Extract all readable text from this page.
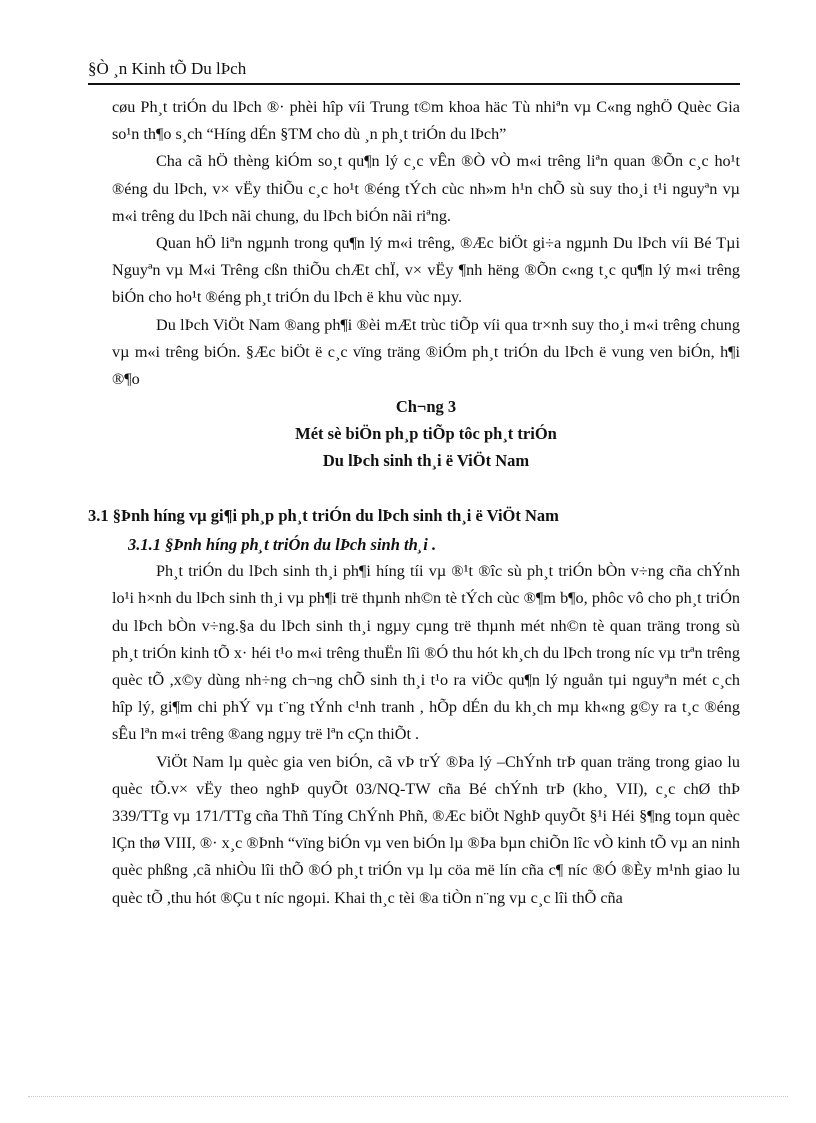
§Ò ¸n Kinh tÕ Du lÞch

cøu Ph¸t triÓn du lÞch ®· phèi hîp víi Trung t©m khoa häc Tù nhiªn vµ C«ng nghÖ Quèc Gia so¹n th¶o s¸ch “Híng dÉn §TM cho dù ¸n ph¸t triÓn du lÞch”

Cha cã hÖ thèng kiÓm so¸t qu¶n lý c¸c vÊn ®Ò vÒ m«i trêng liªn quan ®Õn c¸c ho¹t ®éng du lÞch, v× vËy thiÕu c¸c ho¹t ®éng tÝch cùc nh»m h¹n chÕ sù suy tho¸i t¹i nguyªn vµ m«i trêng du lÞch nãi chung, du lÞch biÓn nãi riªng.

Quan hÖ liªn ngµnh trong qu¶n lý m«i trêng, ®Æc biÖt gi÷a ngµnh Du lÞch víi Bé Tµi Nguyªn vµ M«i Trêng cßn thiÕu chÆt chÏ, v× vËy ¶nh hëng ®Õn c«ng t¸c qu¶n lý m«i trêng biÓn cho ho¹t ®éng ph¸t triÓn du lÞch ë khu vùc nµy.

Du lÞch ViÖt Nam ®ang ph¶i ®èi mÆt trùc tiÕp víi qua tr×nh suy tho¸i m«i trêng chung vµ m«i trêng biÓn. §Æc biÖt ë c¸c vïng träng ®iÓm ph¸t triÓn du lÞch ë vung ven biÓn, h¶i ®¶o

Ch¬ng 3

Mét sè biÖn ph¸p tiÕp tôc ph¸t triÓn

Du lÞch sinh th¸i ë ViÖt Nam

3.1 §Þnh híng vµ gi¶i ph¸p ph¸t triÓn du lÞch sinh th¸i ë ViÖt Nam

3.1.1 §Þnh híng ph¸t triÓn du lÞch sinh th¸i .

Ph¸t triÓn du lÞch sinh th¸i ph¶i híng tíi vµ ®¹t ®îc sù ph¸t triÓn bÒn v÷ng cña chÝnh lo¹i h×nh du lÞch sinh th¸i vµ ph¶i trë thµnh nh©n tè tÝch cùc ®¶m b¶o, phôc vô cho ph¸t triÓn du lÞch bÒn v÷ng.§a du lÞch sinh th¸i ngµy cµng trë thµnh mét nh©n tè quan träng trong sù ph¸t triÓn kinh tÕ x· héi t¹o m«i trêng thuËn lîi ®Ó thu hót kh¸ch du lÞch trong níc vµ trªn trêng quèc tÕ ,x©y dùng nh÷ng ch¬ng chÕ sinh th¸i t¹o ra viÖc qu¶n lý nguån tµi nguyªn mét c¸ch hîp lý, gi¶m chi phÝ vµ t¨ng tÝnh c¹nh tranh , hÕp dÉn du kh¸ch mµ kh«ng g©y ra t¸c ®éng sÊu lªn m«i trêng ®ang ngµy trë lªn cÇn thiÕt .

ViÖt Nam lµ quèc gia ven biÓn, cã vÞ trÝ ®Þa lý –ChÝnh trÞ quan träng trong giao lu quèc tÕ.v× vËy theo nghÞ quyÕt 03/NQ-TW cña Bé chÝnh trÞ (kho¸ VII), c¸c chØ thÞ 339/TTg vµ 171/TTg cña Thñ Tíng ChÝnh Phñ, ®Æc biÖt NghÞ quyÕt §¹i Héi §¶ng toµn quèc lÇn thø VIII, ®· x¸c ®Þnh “vïng biÓn vµ ven biÓn lµ ®Þa bµn chiÕn lîc vÒ kinh tÕ vµ an ninh quèc phßng ,cã nhiÒu lîi thÕ ®Ó ph¸t triÓn vµ lµ cöa më lín cña c¶ níc ®Ó ®Èy m¹nh giao lu quèc tÕ ,thu hót ®Çu t níc ngoµi. Khai th¸c tèi ®a tiÒn n¨ng vµ c¸c lîi thÕ cña
